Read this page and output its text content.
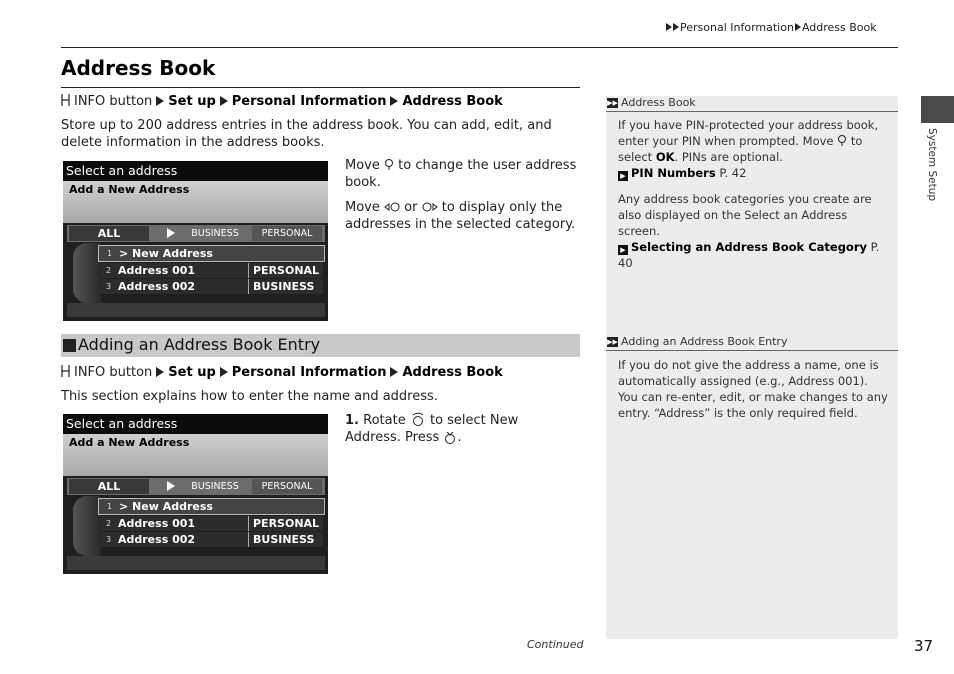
Personal Information Address Book
Address Book
INFO button Set up Personal Information Address Book
Store up to 200 address entries in the address book. You can add, edit, and delete information in the address books.
Select an address
Add a New Address
ALL	BUSINESS	PERSONAL
1 > New Address
2 Address 001	PERSONAL
3 Address 002	BUSINESS
Move to change the user address book.
Move or to display only the addresses in the selected category.
Adding an Address Book Entry
INFO button Set up Personal Information Address Book
This section explains how to enter the name and address.
Select an address
Add a New Address
ALL	BUSINESS	PERSONAL
1 > New Address
2 Address 001	PERSONAL
3 Address 002	BUSINESS
1. Rotate to select New Address. Press .
System Setup
▶▶ Address Book
If you have PIN-protected your address book, enter your PIN when prompted. Move to select OK. PINs are optional.
▶ PIN Numbers P. 42
Any address book categories you create are also displayed on the Select an Address screen.
▶ Selecting an Address Book Category P. 40
▶▶ Adding an Address Book Entry
If you do not give the address a name, one is automatically assigned (e.g., Address 001). You can re-enter, edit, or make changes to any entry. “Address” is the only required field.
Continued	37
